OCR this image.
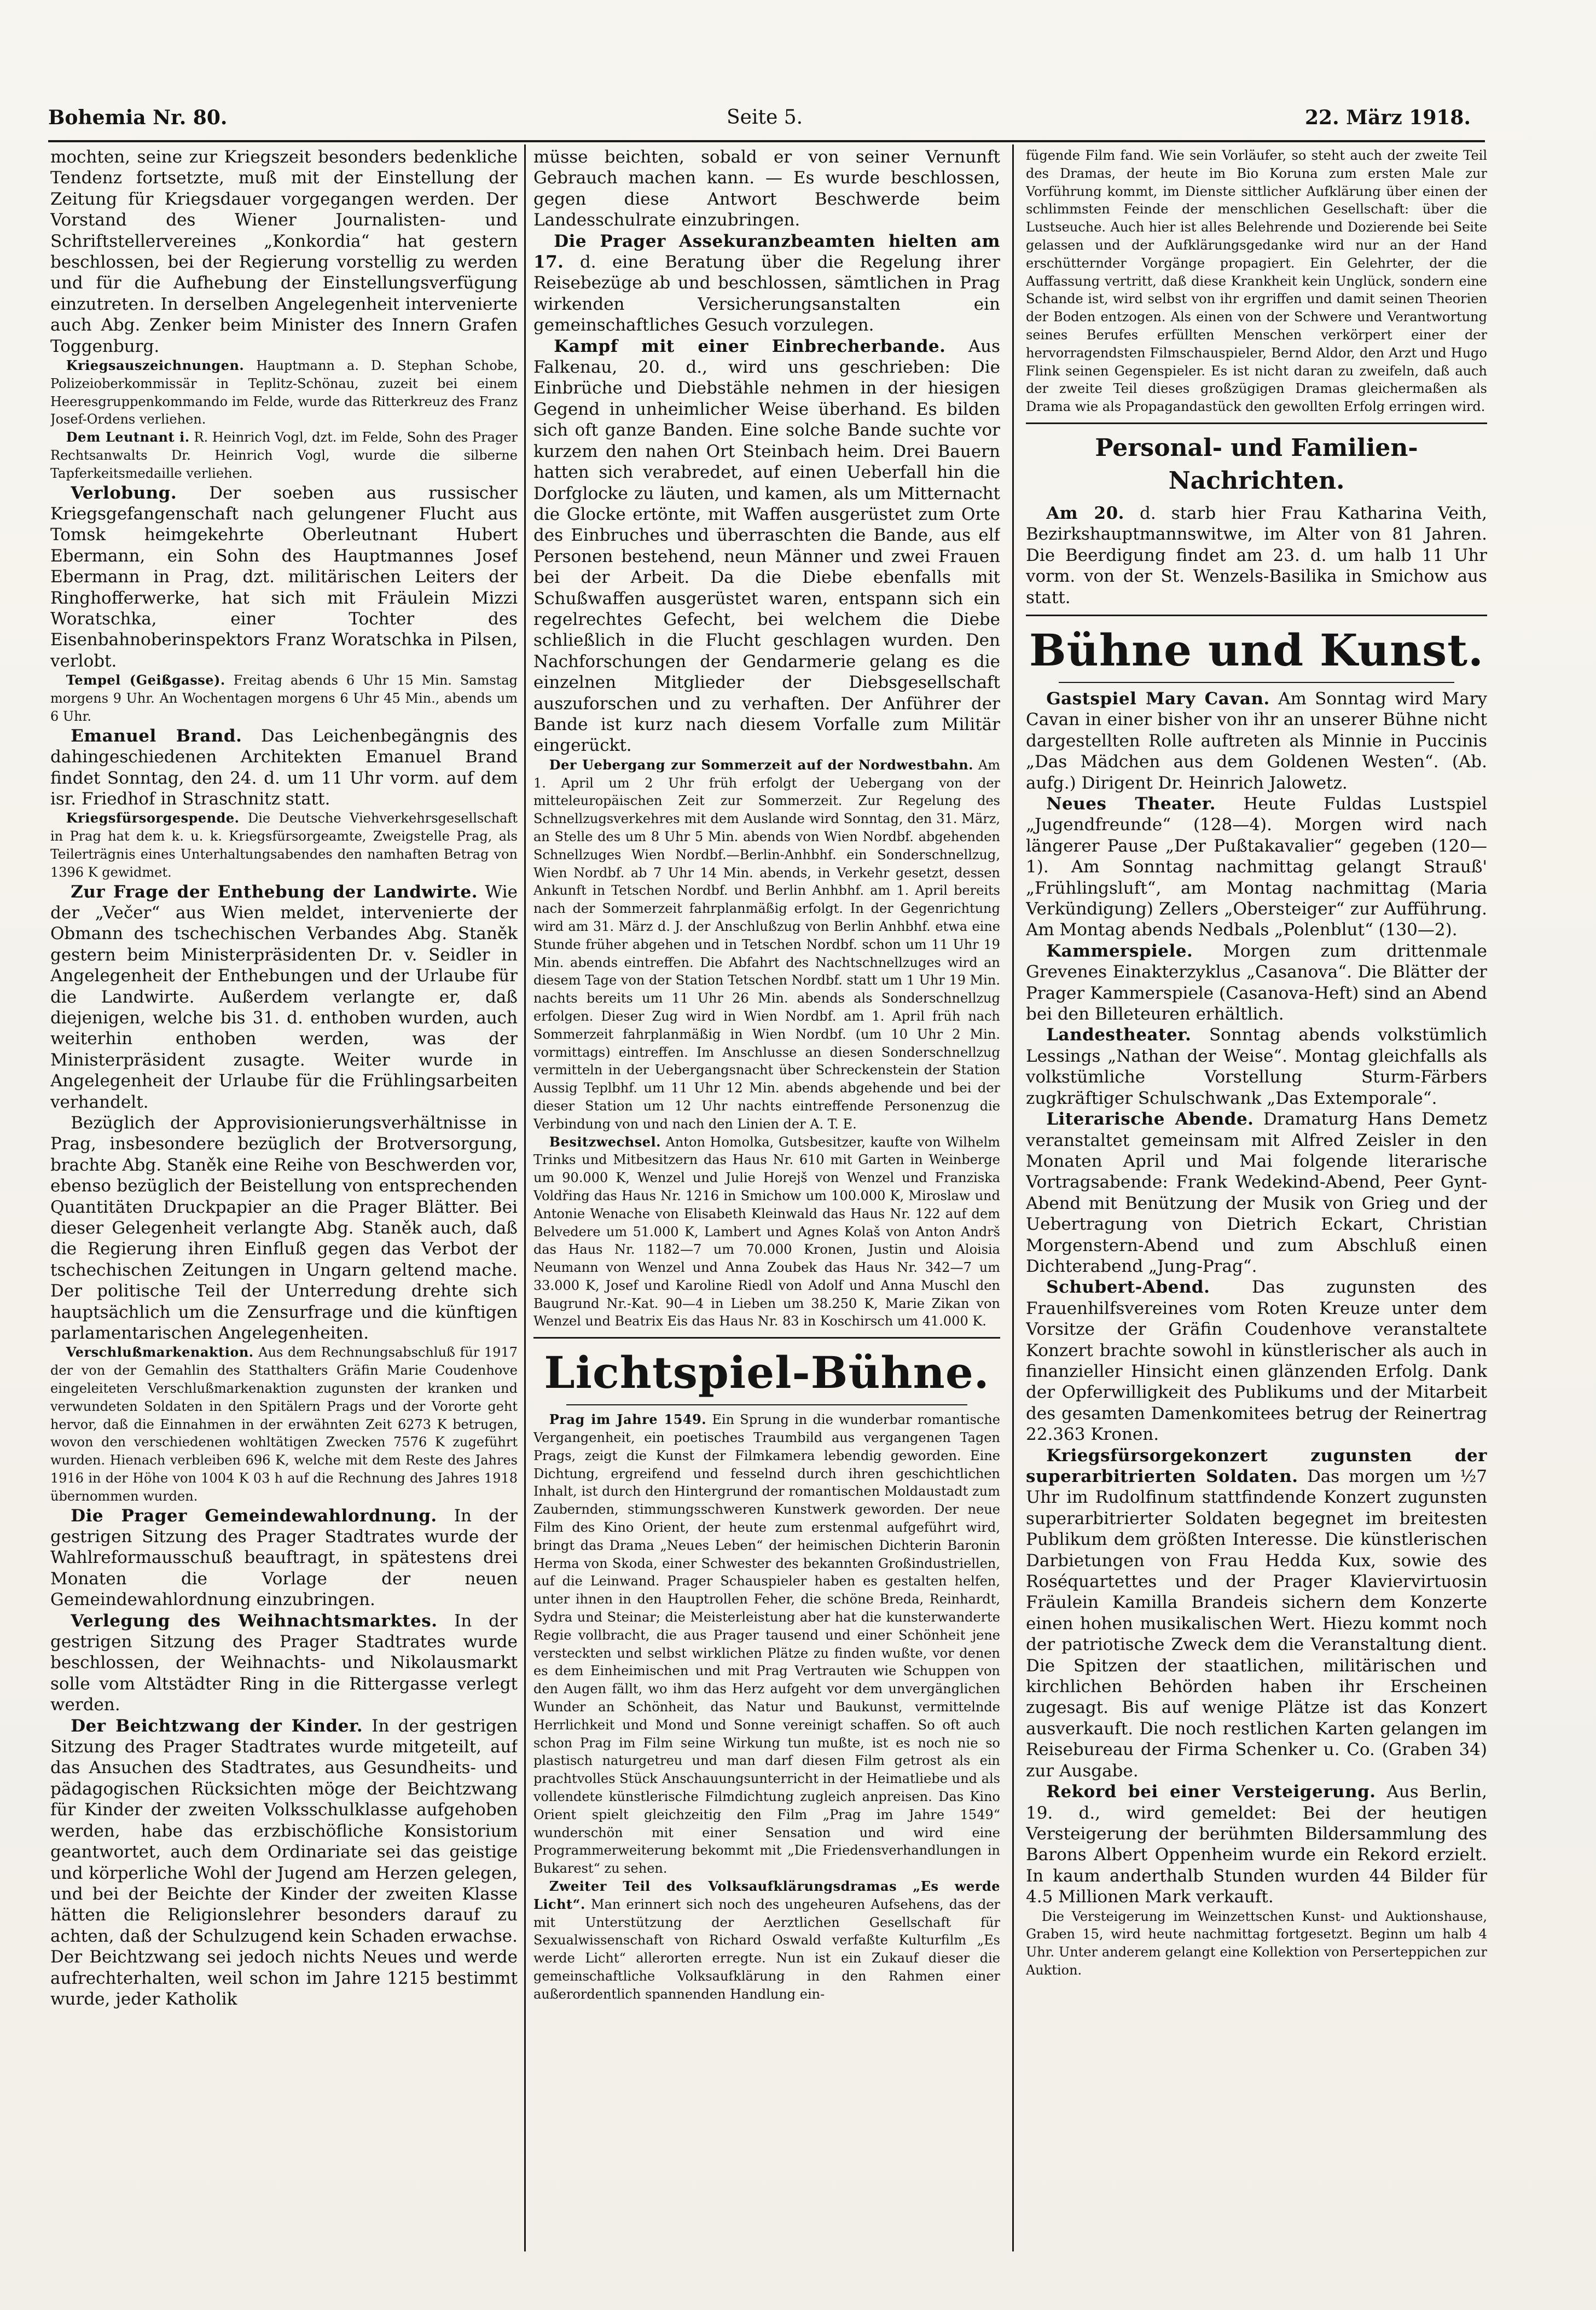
Bohemia Nr. 80.	Seite 5.	22. März 1918.

mochten, seine zur Kriegszeit besonders bedenkliche Tendenz fortsetzte, muß mit der Einstellung der Zeitung für Kriegsdauer vorgegangen werden. Der Vorstand des Wiener Journalisten- und Schriftstellervereines „Konkordia“ hat gestern beschlossen, bei der Regierung vorstellig zu werden und für die Aufhebung der Einstellungsverfügung einzutreten. In derselben Angelegenheit intervenierte auch Abg. Zenker beim Minister des Innern Grafen Toggenburg.

Kriegsauszeichnungen. Hauptmann a. D. Stephan Schobe, Polizeioberkommissär in Teplitz-Schönau, zuzeit bei einem Heeresgruppenkommando im Felde, wurde das Ritterkreuz des Franz Josef-Ordens verliehen.

Dem Leutnant i. R. Heinrich Vogl, dzt. im Felde, Sohn des Prager Rechtsanwalts Dr. Heinrich Vogl, wurde die silberne Tapferkeitsmedaille verliehen.

Verlobung. Der soeben aus russischer Kriegsgefangenschaft nach gelungener Flucht aus Tomsk heimgekehrte Oberleutnant Hubert Ebermann, ein Sohn des Hauptmannes Josef Ebermann in Prag, dzt. militärischen Leiters der Ringhofferwerke, hat sich mit Fräulein Mizzi Woratschka, einer Tochter des Eisenbahnoberinspektors Franz Woratschka in Pilsen, verlobt.

Tempel (Geißgasse). Freitag abends 6 Uhr 15 Min. Samstag morgens 9 Uhr. An Wochentagen morgens 6 Uhr 45 Min., abends um 6 Uhr.

Emanuel Brand. Das Leichenbegängnis des dahingeschiedenen Architekten Emanuel Brand findet Sonntag, den 24. d. um 11 Uhr vorm. auf dem isr. Friedhof in Straschnitz statt.

Kriegsfürsorgespende. Die Deutsche Viehverkehrsgesellschaft in Prag hat dem k. u. k. Kriegsfürsorgeamte, Zweigstelle Prag, als Teilerträgnis eines Unterhaltungsabendes den namhaften Betrag von 1396 K gewidmet.

Zur Frage der Enthebung der Landwirte. Wie der „Večer“ aus Wien meldet, intervenierte der Obmann des tschechischen Verbandes Abg. Staněk gestern beim Ministerpräsidenten Dr. v. Seidler in Angelegenheit der Enthebungen und der Urlaube für die Landwirte. Außerdem verlangte er, daß diejenigen, welche bis 31. d. enthoben wurden, auch weiterhin enthoben werden, was der Ministerpräsident zusagte. Weiter wurde in Angelegenheit der Urlaube für die Frühlingsarbeiten verhandelt.

Bezüglich der Approvisionierungsverhältnisse in Prag, insbesondere bezüglich der Brotversorgung, brachte Abg. Staněk eine Reihe von Beschwerden vor, ebenso bezüglich der Beistellung von entsprechenden Quantitäten Druckpapier an die Prager Blätter. Bei dieser Gelegenheit verlangte Abg. Staněk auch, daß die Regierung ihren Einfluß gegen das Verbot der tschechischen Zeitungen in Ungarn geltend mache. Der politische Teil der Unterredung drehte sich hauptsächlich um die Zensurfrage und die künftigen parlamentarischen Angelegenheiten.

Verschlußmarkenaktion. Aus dem Rechnungsabschluß für 1917 der von der Gemahlin des Statthalters Gräfin Marie Coudenhove eingeleiteten Verschlußmarkenaktion zugunsten der kranken und verwundeten Soldaten in den Spitälern Prags und der Vororte geht hervor, daß die Einnahmen in der erwähnten Zeit 6273 K betrugen, wovon den verschiedenen wohltätigen Zwecken 7576 K zugeführt wurden. Hienach verbleiben 696 K, welche mit dem Reste des Jahres 1916 in der Höhe von 1004 K 03 h auf die Rechnung des Jahres 1918 übernommen wurden.

Die Prager Gemeindewahlordnung. In der gestrigen Sitzung des Prager Stadtrates wurde der Wahlreformausschuß beauftragt, in spätestens drei Monaten die Vorlage der neuen Gemeindewahlordnung einzubringen.

Verlegung des Weihnachtsmarktes. In der gestrigen Sitzung des Prager Stadtrates wurde beschlossen, der Weihnachts- und Nikolausmarkt solle vom Altstädter Ring in die Rittergasse verlegt werden.

Der Beichtzwang der Kinder. In der gestrigen Sitzung des Prager Stadtrates wurde mitgeteilt, auf das Ansuchen des Stadtrates, aus Gesundheits- und pädagogischen Rücksichten möge der Beichtzwang für Kinder der zweiten Volksschulklasse aufgehoben werden, habe das erzbischöfliche Konsistorium geantwortet, auch dem Ordinariate sei das geistige und körperliche Wohl der Jugend am Herzen gelegen, und bei der Beichte der Kinder der zweiten Klasse hätten die Religionslehrer besonders darauf zu achten, daß der Schulzugend kein Schaden erwachse. Der Beichtzwang sei jedoch nichts Neues und werde aufrechterhalten, weil schon im Jahre 1215 bestimmt wurde, jeder Katholik

müsse beichten, sobald er von seiner Vernunft Gebrauch machen kann. — Es wurde beschlossen, gegen diese Antwort Beschwerde beim Landesschulrate einzubringen.

Die Prager Assekuranzbeamten hielten am 17. d. eine Beratung über die Regelung ihrer Reisebezüge ab und beschlossen, sämtlichen in Prag wirkenden Versicherungsanstalten ein gemeinschaftliches Gesuch vorzulegen.

Kampf mit einer Einbrecherbande. Aus Falkenau, 20. d., wird uns geschrieben: Die Einbrüche und Diebstähle nehmen in der hiesigen Gegend in unheimlicher Weise überhand. Es bilden sich oft ganze Banden. Eine solche Bande suchte vor kurzem den nahen Ort Steinbach heim. Drei Bauern hatten sich verabredet, auf einen Ueberfall hin die Dorfglocke zu läuten, und kamen, als um Mitternacht die Glocke ertönte, mit Waffen ausgerüstet zum Orte des Einbruches und überraschten die Bande, aus elf Personen bestehend, neun Männer und zwei Frauen bei der Arbeit. Da die Diebe ebenfalls mit Schußwaffen ausgerüstet waren, entspann sich ein regelrechtes Gefecht, bei welchem die Diebe schließlich in die Flucht geschlagen wurden. Den Nachforschungen der Gendarmerie gelang es die einzelnen Mitglieder der Diebsgesellschaft auszuforschen und zu verhaften. Der Anführer der Bande ist kurz nach diesem Vorfalle zum Militär eingerückt.

Der Uebergang zur Sommerzeit auf der Nordwestbahn. Am 1. April um 2 Uhr früh erfolgt der Uebergang von der mitteleuropäischen Zeit zur Sommerzeit. Zur Regelung des Schnellzugsverkehres mit dem Auslande wird Sonntag, den 31. März, an Stelle des um 8 Uhr 5 Min. abends von Wien Nordbf. abgehenden Schnellzuges Wien Nordbf.—Berlin-Anhbhf. ein Sonderschnellzug, Wien Nordbf. ab 7 Uhr 14 Min. abends, in Verkehr gesetzt, dessen Ankunft in Tetschen Nordbf. und Berlin Anhbhf. am 1. April bereits nach der Sommerzeit fahrplanmäßig erfolgt. In der Gegenrichtung wird am 31. März d. J. der Anschlußzug von Berlin Anhbhf. etwa eine Stunde früher abgehen und in Tetschen Nordbf. schon um 11 Uhr 19 Min. abends eintreffen. Die Abfahrt des Nachtschnellzuges wird an diesem Tage von der Station Tetschen Nordbf. statt um 1 Uhr 19 Min. nachts bereits um 11 Uhr 26 Min. abends als Sonderschnellzug erfolgen. Dieser Zug wird in Wien Nordbf. am 1. April früh nach Sommerzeit fahrplanmäßig in Wien Nordbf. (um 10 Uhr 2 Min. vormittags) eintreffen. Im Anschlusse an diesen Sonderschnellzug vermitteln in der Uebergangsnacht über Schreckenstein der Station Aussig Teplbhf. um 11 Uhr 12 Min. abends abgehende und bei der dieser Station um 12 Uhr nachts eintreffende Personenzug die Verbindung von und nach den Linien der A. T. E.

Besitzwechsel. Anton Homolka, Gutsbesitzer, kaufte von Wilhelm Trinks und Mitbesitzern das Haus Nr. 610 mit Garten in Weinberge um 90.000 K, Wenzel und Julie Horejš von Wenzel und Franziska Voldřing das Haus Nr. 1216 in Smichow um 100.000 K, Miroslaw und Antonie Wenache von Elisabeth Kleinwald das Haus Nr. 122 auf dem Belvedere um 51.000 K, Lambert und Agnes Kolaš von Anton Andrš das Haus Nr. 1182—7 um 70.000 Kronen, Justin und Aloisia Neumann von Wenzel und Anna Zoubek das Haus Nr. 342—7 um 33.000 K, Josef und Karoline Riedl von Adolf und Anna Muschl den Baugrund Nr.-Kat. 90—4 in Lieben um 38.250 K, Marie Zikan von Wenzel und Beatrix Eis das Haus Nr. 83 in Koschirsch um 41.000 K.

Lichtspiel-Bühne.

Prag im Jahre 1549. Ein Sprung in die wunderbar romantische Vergangenheit, ein poetisches Traumbild aus vergangenen Tagen Prags, zeigt die Kunst der Filmkamera lebendig geworden. Eine Dichtung, ergreifend und fesselnd durch ihren geschichtlichen Inhalt, ist durch den Hintergrund der romantischen Moldaustadt zum Zaubernden, stimmungsschweren Kunstwerk geworden. Der neue Film des Kino Orient, der heute zum erstenmal aufgeführt wird, bringt das Drama „Neues Leben“ der heimischen Dichterin Baronin Herma von Skoda, einer Schwester des bekannten Großindustriellen, auf die Leinwand. Prager Schauspieler haben es gestalten helfen, unter ihnen in den Hauptrollen Feher, die schöne Breda, Reinhardt, Sydra und Steinar; die Meisterleistung aber hat die kunsterwanderte Regie vollbracht, die aus Prager tausend und einer Schönheit jene versteckten und selbst wirklichen Plätze zu finden wußte, vor denen es dem Einheimischen und mit Prag Vertrauten wie Schuppen von den Augen fällt, wo ihm das Herz aufgeht vor dem unvergänglichen Wunder an Schönheit, das Natur und Baukunst, vermittelnde Herrlichkeit und Mond und Sonne vereinigt schaffen. So oft auch schon Prag im Film seine Wirkung tun mußte, ist es noch nie so plastisch naturgetreu und man darf diesen Film getrost als ein prachtvolles Stück Anschauungsunterricht in der Heimatliebe und als vollendete künstlerische Filmdichtung zugleich anpreisen. Das Kino Orient spielt gleichzeitig den Film „Prag im Jahre 1549“ wunderschön mit einer Sensation und wird eine Programmerweiterung bekommt mit „Die Friedensverhandlungen in Bukarest“ zu sehen.

Zweiter Teil des Volksaufklärungsdramas „Es werde Licht“. Man erinnert sich noch des ungeheuren Aufsehens, das der mit Unterstützung der Aerztlichen Gesellschaft für Sexualwissenschaft von Richard Oswald verfaßte Kulturfilm „Es werde Licht“ allerorten erregte. Nun ist ein Zukauf dieser die gemeinschaftliche Volksaufklärung in den Rahmen einer außerordentlich spannenden Handlung ein-

fügende Film fand. Wie sein Vorläufer, so steht auch der zweite Teil des Dramas, der heute im Bio Koruna zum ersten Male zur Vorführung kommt, im Dienste sittlicher Aufklärung über einen der schlimmsten Feinde der menschlichen Gesellschaft: über die Lustseuche. Auch hier ist alles Belehrende und Dozierende bei Seite gelassen und der Aufklärungsgedanke wird nur an der Hand erschütternder Vorgänge propagiert. Ein Gelehrter, der die Auffassung vertritt, daß diese Krankheit kein Unglück, sondern eine Schande ist, wird selbst von ihr ergriffen und damit seinen Theorien der Boden entzogen. Als einen von der Schwere und Verantwortung seines Berufes erfüllten Menschen verkörpert einer der hervorragendsten Filmschauspieler, Bernd Aldor, den Arzt und Hugo Flink seinen Gegenspieler. Es ist nicht daran zu zweifeln, daß auch der zweite Teil dieses großzügigen Dramas gleichermaßen als Drama wie als Propagandastück den gewollten Erfolg erringen wird.

Personal- und Familien-Nachrichten.

Am 20. d. starb hier Frau Katharina Veith, Bezirkshauptmannswitwe, im Alter von 81 Jahren. Die Beerdigung findet am 23. d. um halb 11 Uhr vorm. von der St. Wenzels-Basilika in Smichow aus statt.

Bühne und Kunst.

Gastspiel Mary Cavan. Am Sonntag wird Mary Cavan in einer bisher von ihr an unserer Bühne nicht dargestellten Rolle auftreten als Minnie in Puccinis „Das Mädchen aus dem Goldenen Westen“. (Ab. aufg.) Dirigent Dr. Heinrich Jalowetz.

Neues Theater. Heute Fuldas Lustspiel „Jugendfreunde“ (128—4). Morgen wird nach längerer Pause „Der Pußtakavalier“ gegeben (120—1). Am Sonntag nachmittag gelangt Strauß' „Frühlingsluft“, am Montag nachmittag (Maria Verkündigung) Zellers „Obersteiger“ zur Aufführung. Am Montag abends Nedbals „Polenblut“ (130—2).

Kammerspiele. Morgen zum drittenmale Grevenes Einakterzyklus „Casanova“. Die Blätter der Prager Kammerspiele (Casanova-Heft) sind an Abend bei den Billeteuren erhältlich.

Landestheater. Sonntag abends volkstümlich Lessings „Nathan der Weise“. Montag gleichfalls als volkstümliche Vorstellung Sturm-Färbers zugkräftiger Schulschwank „Das Extemporale“.

Literarische Abende. Dramaturg Hans Demetz veranstaltet gemeinsam mit Alfred Zeisler in den Monaten April und Mai folgende literarische Vortragsabende: Frank Wedekind-Abend, Peer Gynt-Abend mit Benützung der Musik von Grieg und der Uebertragung von Dietrich Eckart, Christian Morgenstern-Abend und zum Abschluß einen Dichterabend „Jung-Prag“.

Schubert-Abend. Das zugunsten des Frauenhilfsvereines vom Roten Kreuze unter dem Vorsitze der Gräfin Coudenhove veranstaltete Konzert brachte sowohl in künstlerischer als auch in finanzieller Hinsicht einen glänzenden Erfolg. Dank der Opferwilligkeit des Publikums und der Mitarbeit des gesamten Damenkomitees betrug der Reinertrag 22.363 Kronen.

Kriegsfürsorgekonzert zugunsten der superarbitrierten Soldaten. Das morgen um ½7 Uhr im Rudolfinum stattfindende Konzert zugunsten superarbitrierter Soldaten begegnet im breitesten Publikum dem größten Interesse. Die künstlerischen Darbietungen von Frau Hedda Kux, sowie des Roséquartettes und der Prager Klaviervirtuosin Fräulein Kamilla Brandeis sichern dem Konzerte einen hohen musikalischen Wert. Hiezu kommt noch der patriotische Zweck dem die Veranstaltung dient. Die Spitzen der staatlichen, militärischen und kirchlichen Behörden haben ihr Erscheinen zugesagt. Bis auf wenige Plätze ist das Konzert ausverkauft. Die noch restlichen Karten gelangen im Reisebureau der Firma Schenker u. Co. (Graben 34) zur Ausgabe.

Rekord bei einer Versteigerung. Aus Berlin, 19. d., wird gemeldet: Bei der heutigen Versteigerung der berühmten Bildersammlung des Barons Albert Oppenheim wurde ein Rekord erzielt. In kaum anderthalb Stunden wurden 44 Bilder für 4.5 Millionen Mark verkauft.

Die Versteigerung im Weinzettschen Kunst- und Auktionshause, Graben 15, wird heute nachmittag fortgesetzt. Beginn um halb 4 Uhr. Unter anderem gelangt eine Kollektion von Perserteppichen zur Auktion.
